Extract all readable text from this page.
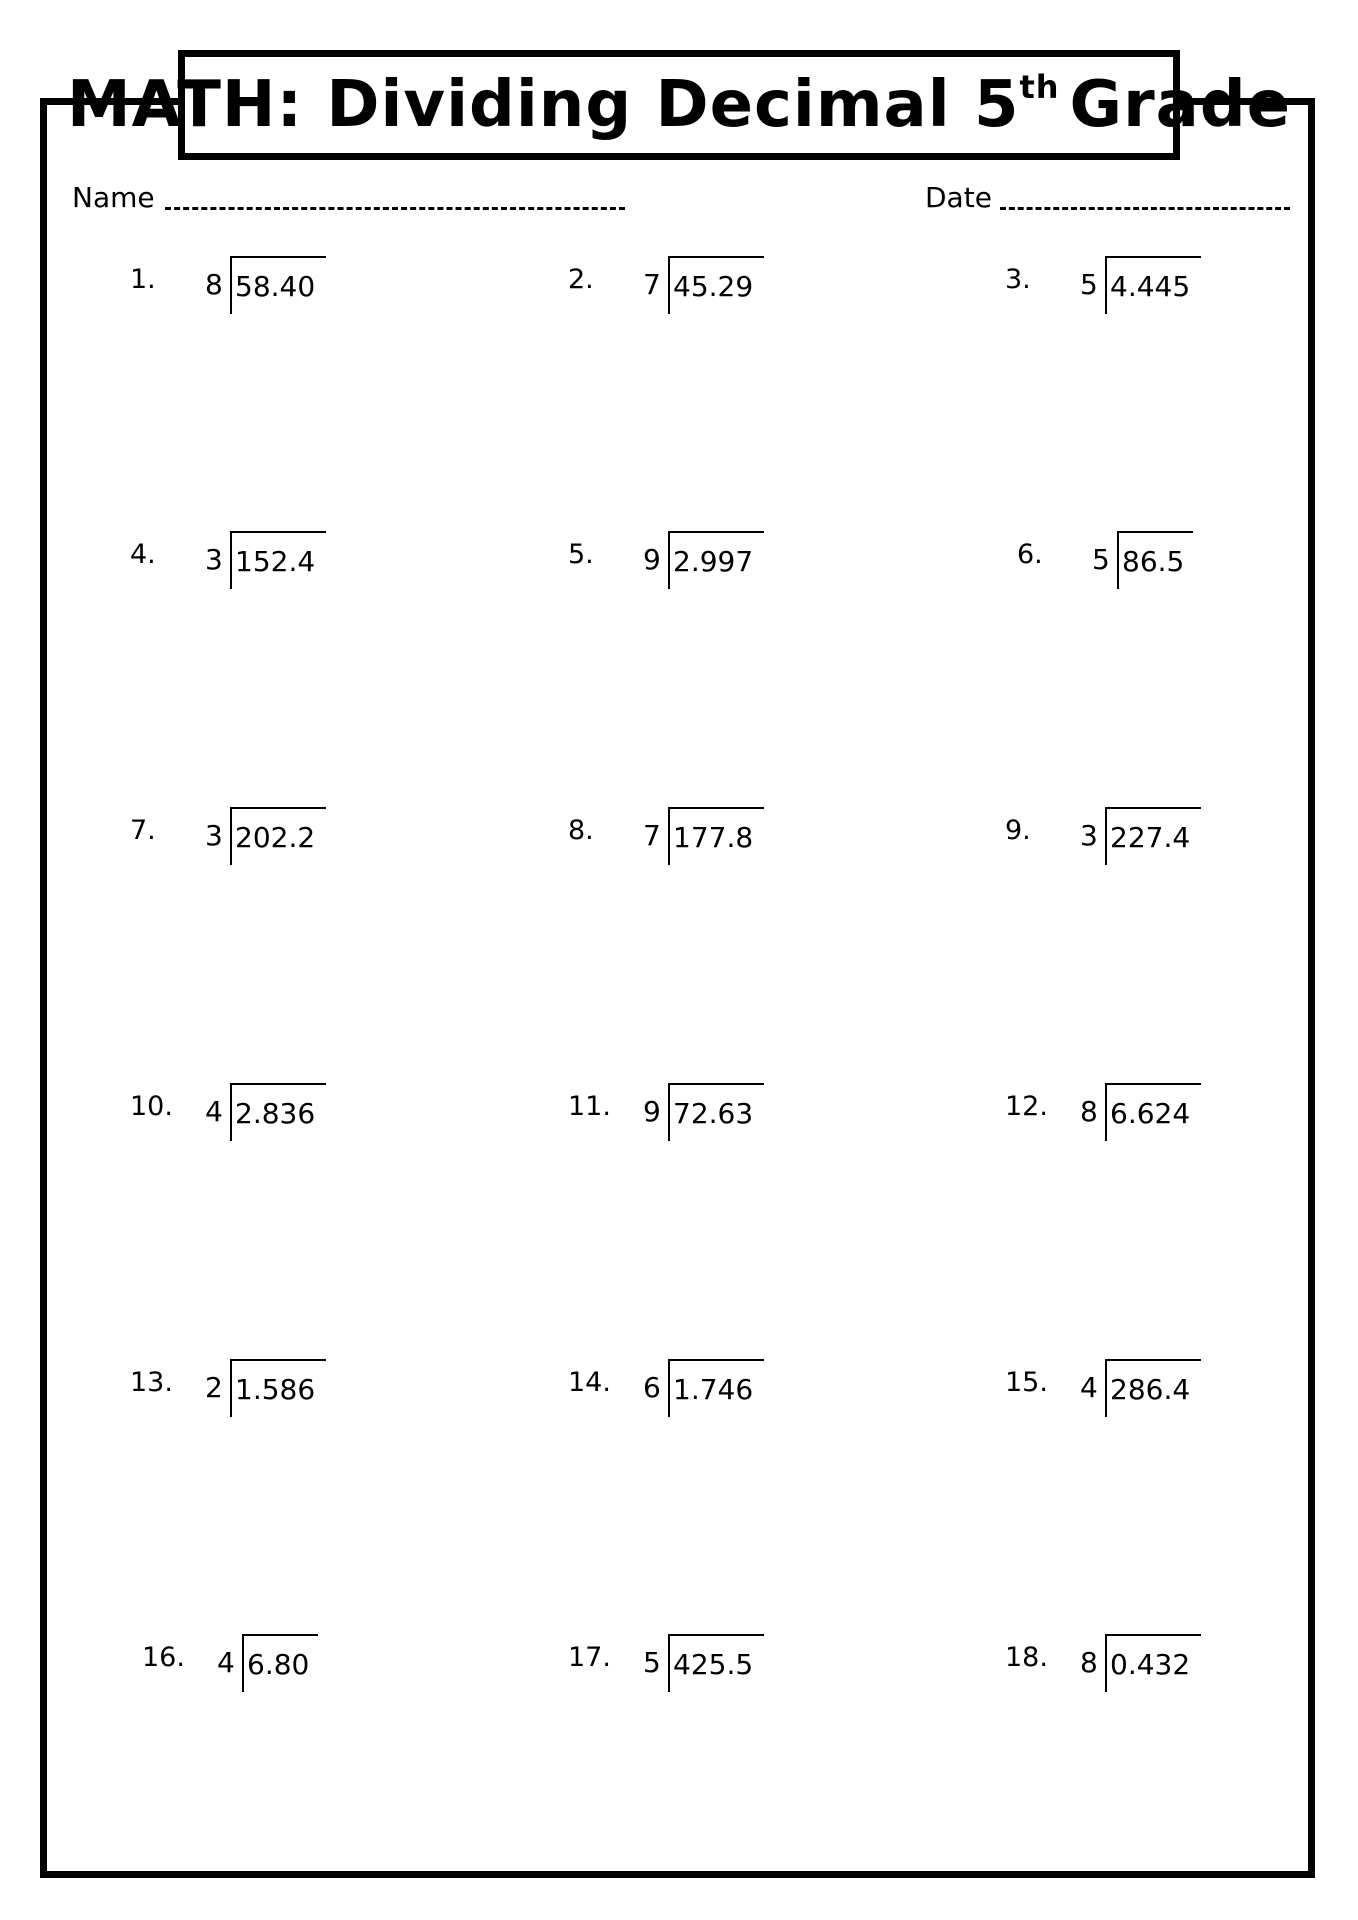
MATH: Dividing Decimal 5th Grade
Name	Date
1. 8 58.40	2. 7 45.29	3. 5 4.445
4. 3 152.4	5. 9 2.997	6. 5 86.5
7. 3 202.2	8. 7 177.8	9. 3 227.4
10. 4 2.836	11. 9 72.63	12. 8 6.624
13. 2 1.586	14. 6 1.746	15. 4 286.4
16. 4 6.80	17. 5 425.5	18. 8 0.432
